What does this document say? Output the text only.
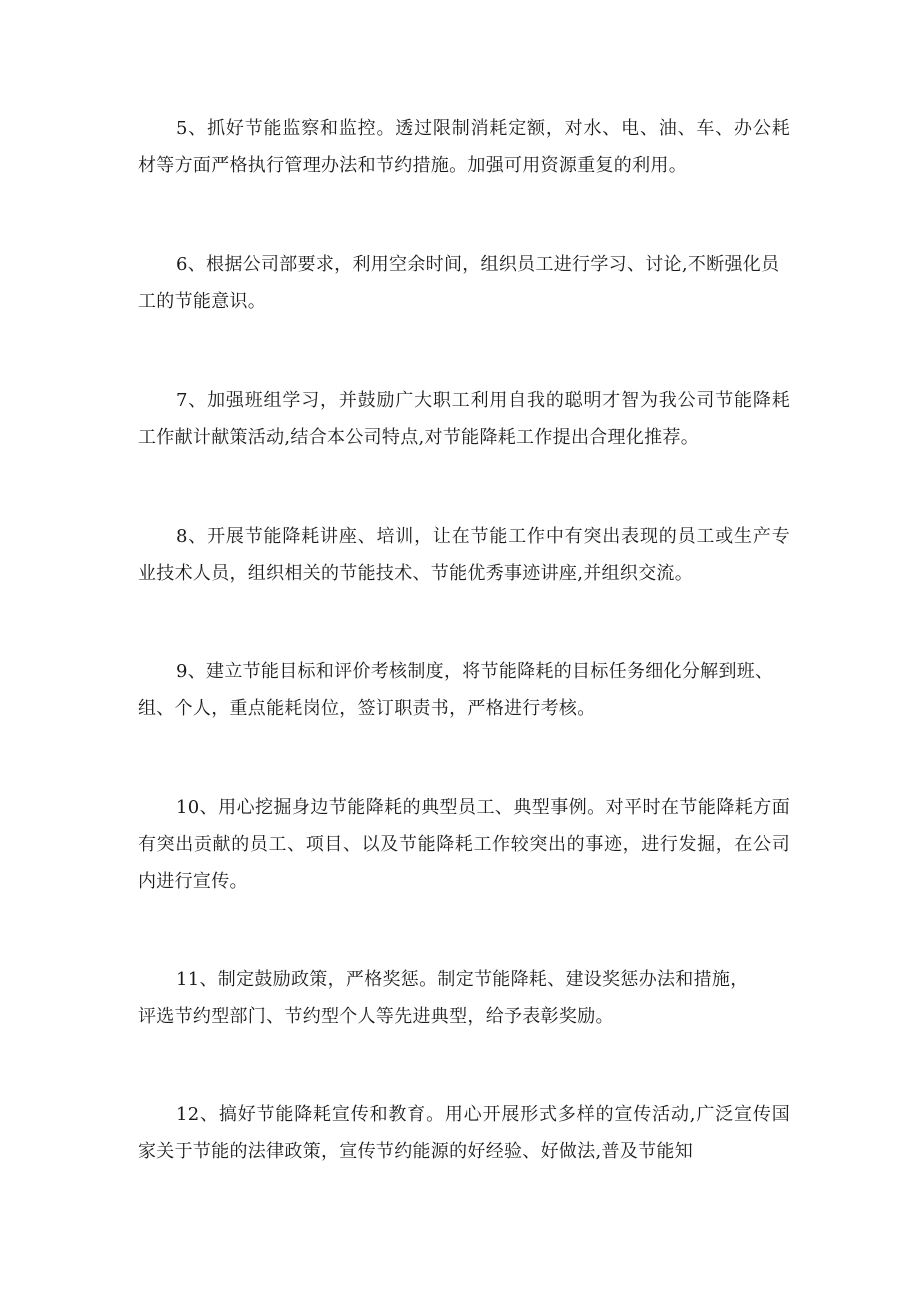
5、抓好节能监察和监控。透过限制消耗定额，对水、电、油、车、办公耗材等方面严格执行管理办法和节约措施。加强可用资源重复的利用。

6、根据公司部要求，利用空余时间，组织员工进行学习、讨论,不断强化员工的节能意识。

7、加强班组学习，并鼓励广大职工利用自我的聪明才智为我公司节能降耗工作献计献策活动,结合本公司特点,对节能降耗工作提出合理化推荐。

8、开展节能降耗讲座、培训，让在节能工作中有突出表现的员工或生产专业技术人员，组织相关的节能技术、节能优秀事迹讲座,并组织交流。

9、建立节能目标和评价考核制度，将节能降耗的目标任务细化分解到班、组、个人，重点能耗岗位，签订职责书，严格进行考核。

10、用心挖掘身边节能降耗的典型员工、典型事例。对平时在节能降耗方面有突出贡献的员工、项目、以及节能降耗工作较突出的事迹，进行发掘，在公司内进行宣传。

11、制定鼓励政策，严格奖惩。制定节能降耗、建设奖惩办法和措施，评选节约型部门、节约型个人等先进典型，给予表彰奖励。

12、搞好节能降耗宣传和教育。用心开展形式多样的宣传活动,广泛宣传国家关于节能的法律政策，宣传节约能源的好经验、好做法,普及节能知
